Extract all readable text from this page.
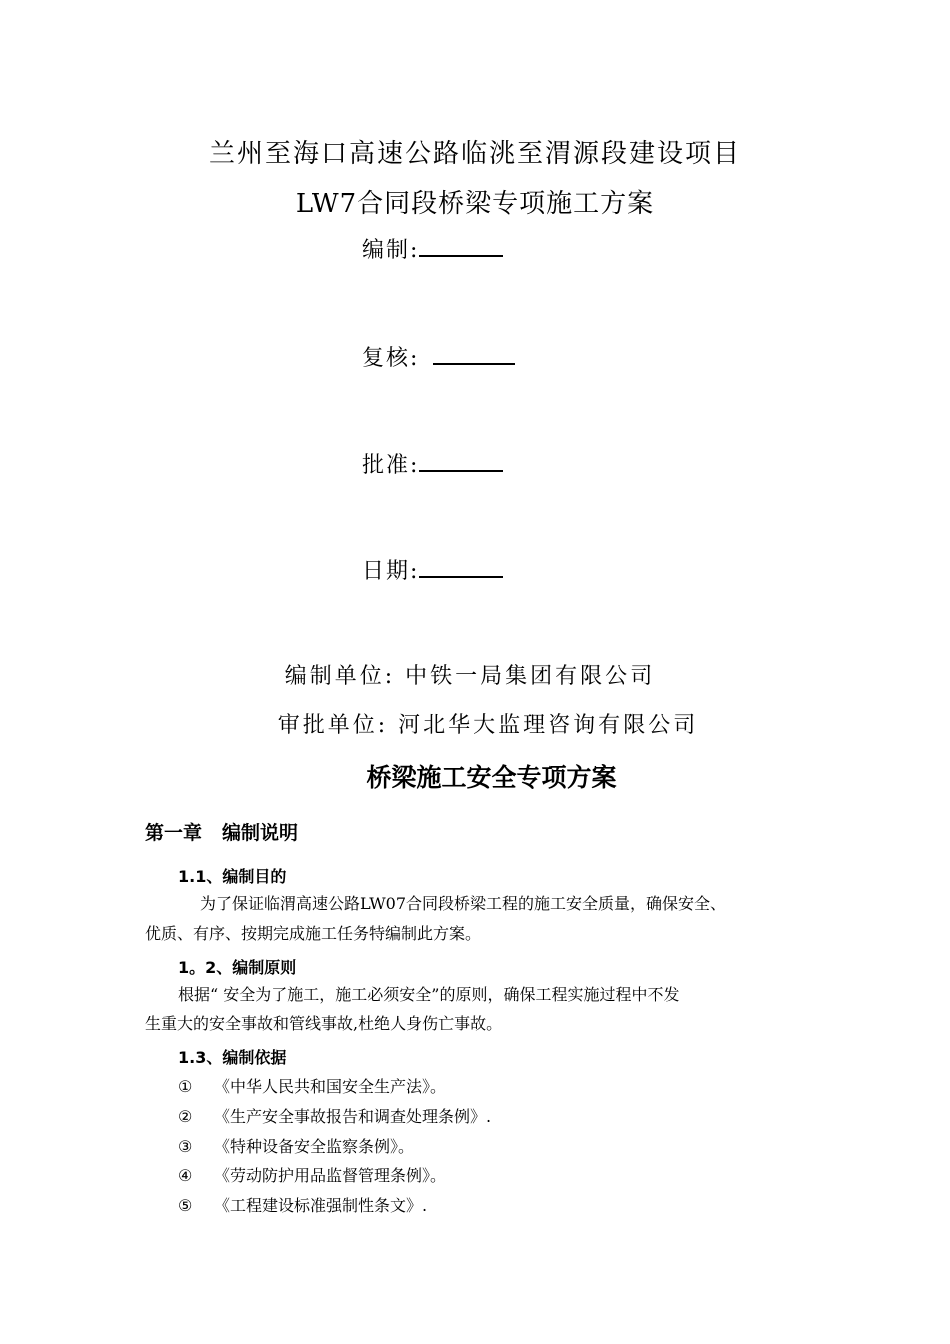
兰州至海口高速公路临洮至渭源段建设项目
LW7合同段桥梁专项施工方案
编制:
复核:
批准:
日期:
编制单位: 中铁一局集团有限公司
审批单位: 河北华大监理咨询有限公司
桥梁施工安全专项方案
第一章 编制说明
1.1、编制目的
为了保证临渭高速公路LW07合同段桥梁工程的施工安全质量，确保安全、
优质、有序、按期完成施工任务特编制此方案。
1。2、编制原则
根据“ 安全为了施工，施工必须安全”的原则，确保工程实施过程中不发
生重大的安全事故和管线事故,杜绝人身伤亡事故。
1.3、编制依据
① 《中华人民共和国安全生产法》。
② 《生产安全事故报告和调查处理条例》.
③ 《特种设备安全监察条例》。
④ 《劳动防护用品监督管理条例》。
⑤ 《工程建设标准强制性条文》.
